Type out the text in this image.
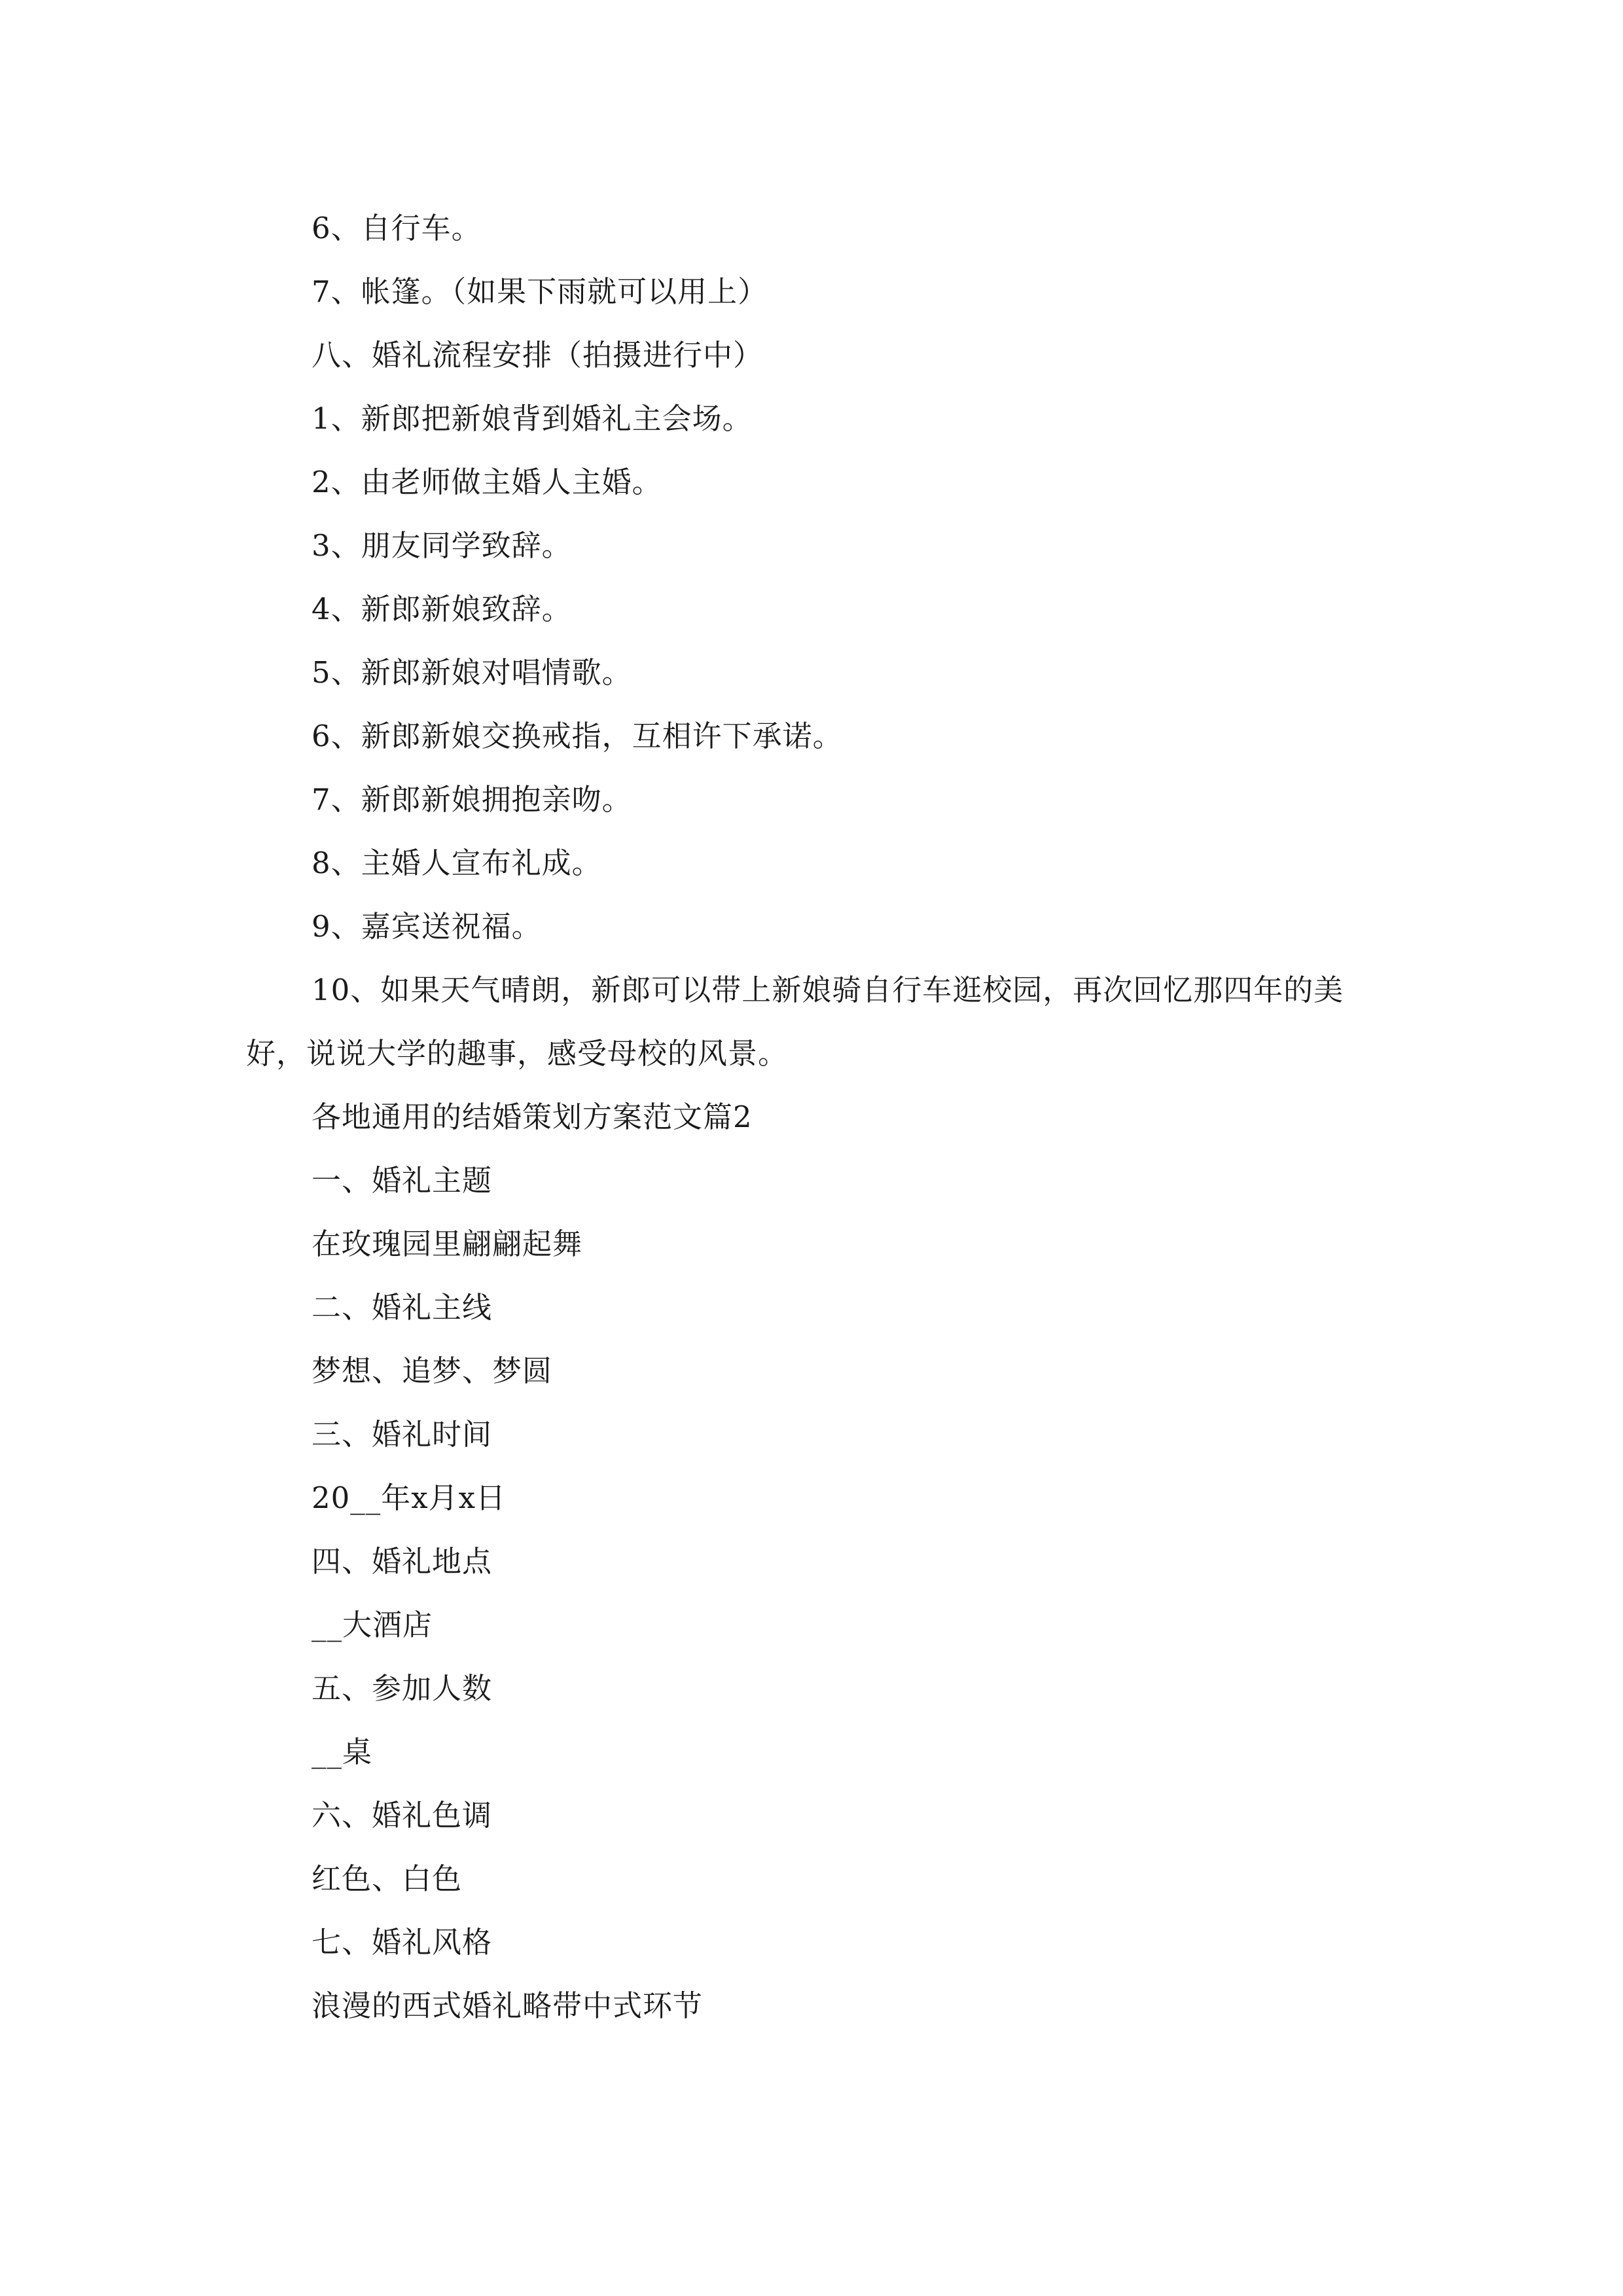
6、自行车。

7、帐篷。（如果下雨就可以用上）

八、婚礼流程安排（拍摄进行中）

1、新郎把新娘背到婚礼主会场。

2、由老师做主婚人主婚。

3、朋友同学致辞。

4、新郎新娘致辞。

5、新郎新娘对唱情歌。

6、新郎新娘交换戒指，互相许下承诺。

7、新郎新娘拥抱亲吻。

8、主婚人宣布礼成。

9、嘉宾送祝福。

10、如果天气晴朗，新郎可以带上新娘骑自行车逛校园，再次回忆那四年的美好，说说大学的趣事，感受母校的风景。

各地通用的结婚策划方案范文篇2

一、婚礼主题

在玫瑰园里翩翩起舞

二、婚礼主线

梦想、追梦、梦圆

三、婚礼时间

20__年x月x日

四、婚礼地点

__大酒店

五、参加人数

__桌

六、婚礼色调

红色、白色

七、婚礼风格

浪漫的西式婚礼略带中式环节
